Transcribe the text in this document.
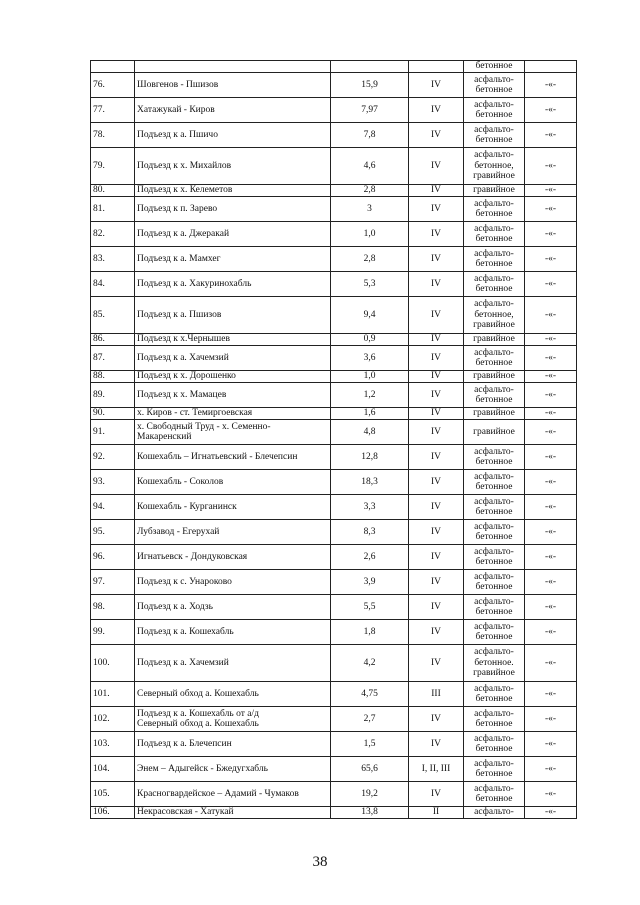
				бетонное	
76.	Шовгенов - Пшизов	15,9	IV	асфальто-
бетонное	-«-
77.	Хатажукай - Киров	7,97	IV	асфальто-
бетонное	-«-
78.	Подъезд к а. Пшичо	7,8	IV	асфальто-
бетонное	-«-
79.	Подъезд к х. Михайлов	4,6	IV	асфальто-
бетонное,
гравийное	-«-
80.	Подъезд к х. Келеметов	2,8	IV	гравийное	-«-
81.	Подъезд к п. Зарево	3	IV	асфальто-
бетонное	-«-
82.	Подъезд к а. Джеракай	1,0	IV	асфальто-
бетонное	-«-
83.	Подъезд к а. Мамхег	2,8	IV	асфальто-
бетонное	-«-
84.	Подъезд к а. Хакуринохабль	5,3	IV	асфальто-
бетонное	-«-
85.	Подъезд к а. Пшизов	9,4	IV	асфальто-
бетонное,
гравийное	-«-
86.	Подъезд к х.Чернышев	0,9	IV	гравийное	-«-
87.	Подъезд к а. Хачемзий	3,6	IV	асфальто-
бетонное	-«-
88.	Подъезд к х. Дорошенко	1,0	IV	гравийное	-«-
89.	Подъезд к х. Мамацев	1,2	IV	асфальто-
бетонное	-«-
90.	х. Киров - ст. Темиргоевская	1,6	IV	гравийное	-«-
91.	х. Свободный Труд - х. Семенно-
Макаренский	4,8	IV	гравийное	-«-
92.	Кошехабль – Игнатьевский - Блечепсин	12,8	IV	асфальто-
бетонное	-«-
93.	Кошехабль - Соколов	18,3	IV	асфальто-
бетонное	-«-
94.	Кошехабль - Курганинск	3,3	IV	асфальто-
бетонное	-«-
95.	Лубзавод - Егерухай	8,3	IV	асфальто-
бетонное	-«-
96.	Игнатьевск - Дондуковская	2,6	IV	асфальто-
бетонное	-«-
97.	Подъезд к с. Унароково	3,9	IV	асфальто-
бетонное	-«-
98.	Подъезд к а. Ходзь	5,5	IV	асфальто-
бетонное	-«-
99.	Подъезд к а. Кошехабль	1,8	IV	асфальто-
бетонное	-«-
100.	Подъезд к а. Хачемзий	4,2	IV	асфальто-
бетонное.
гравийное	-«-
101.	Северный обход а. Кошехабль	4,75	III	асфальто-
бетонное	-«-
102.	Подъезд к а. Кошехабль от а/д
Северный обход а. Кошехабль	2,7	IV	асфальто-
бетонное	-«-
103.	Подъезд к а. Блечепсин	1,5	IV	асфальто-
бетонное	-«-
104.	Энем – Адыгейск - Бжедугхабль	65,6	I, II, III	асфальто-
бетонное	-«-
105.	Красногвардейское – Адамий - Чумаков	19,2	IV	асфальто-
бетонное	-«-
106.	Некрасовская - Хатукай	13,8	II	асфальто-	-«-
38
